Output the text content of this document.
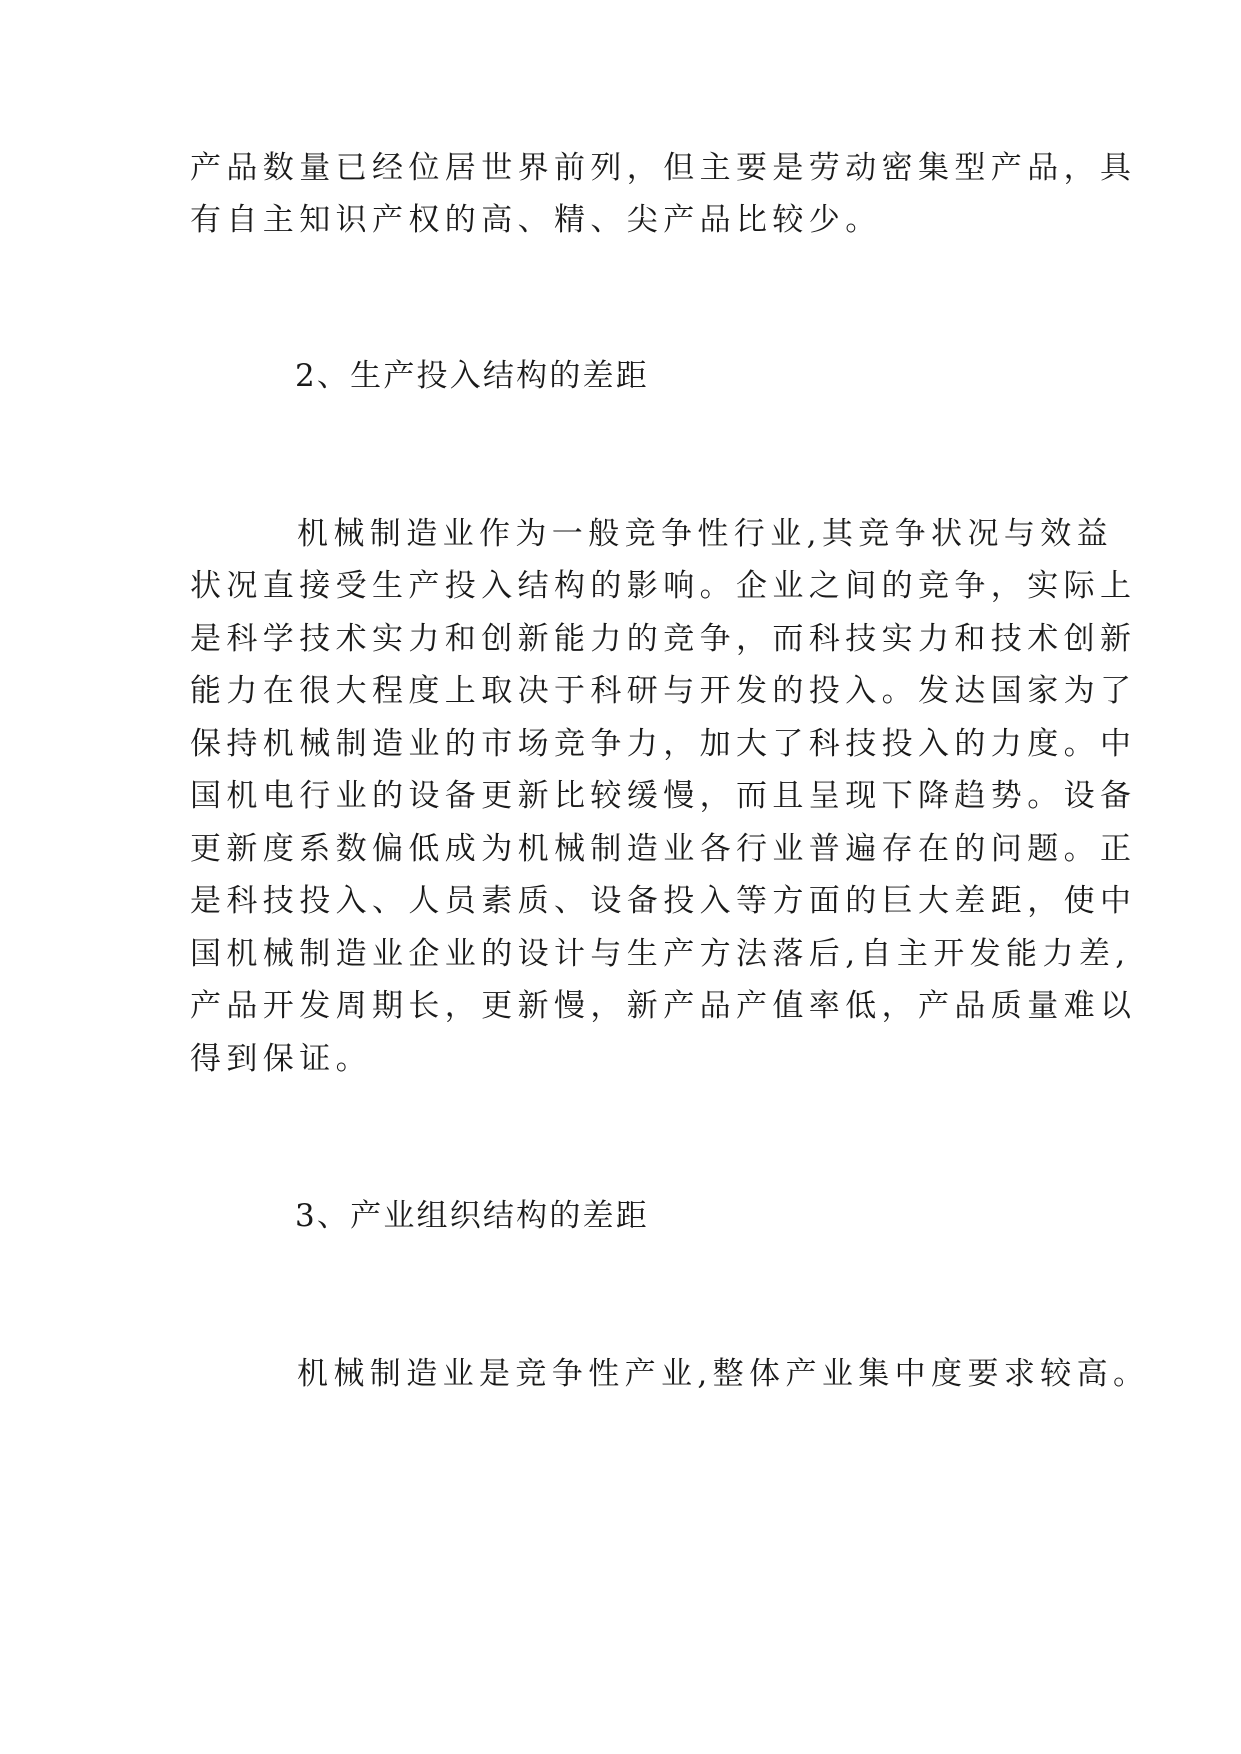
产品数量已经位居世界前列，但主要是劳动密集型产品，具
有自主知识产权的高、精、尖产品比较少。
2、生产投入结构的差距
机械制造业作为一般竞争性行业,其竞争状况与效益
状况直接受生产投入结构的影响。企业之间的竞争，实际上
是科学技术实力和创新能力的竞争，而科技实力和技术创新
能力在很大程度上取决于科研与开发的投入。发达国家为了
保持机械制造业的市场竞争力，加大了科技投入的力度。中
国机电行业的设备更新比较缓慢，而且呈现下降趋势。设备
更新度系数偏低成为机械制造业各行业普遍存在的问题。正
是科技投入、人员素质、设备投入等方面的巨大差距，使中
国机械制造业企业的设计与生产方法落后,自主开发能力差,
产品开发周期长，更新慢，新产品产值率低，产品质量难以
得到保证。
3、产业组织结构的差距
机械制造业是竞争性产业,整体产业集中度要求较高。
